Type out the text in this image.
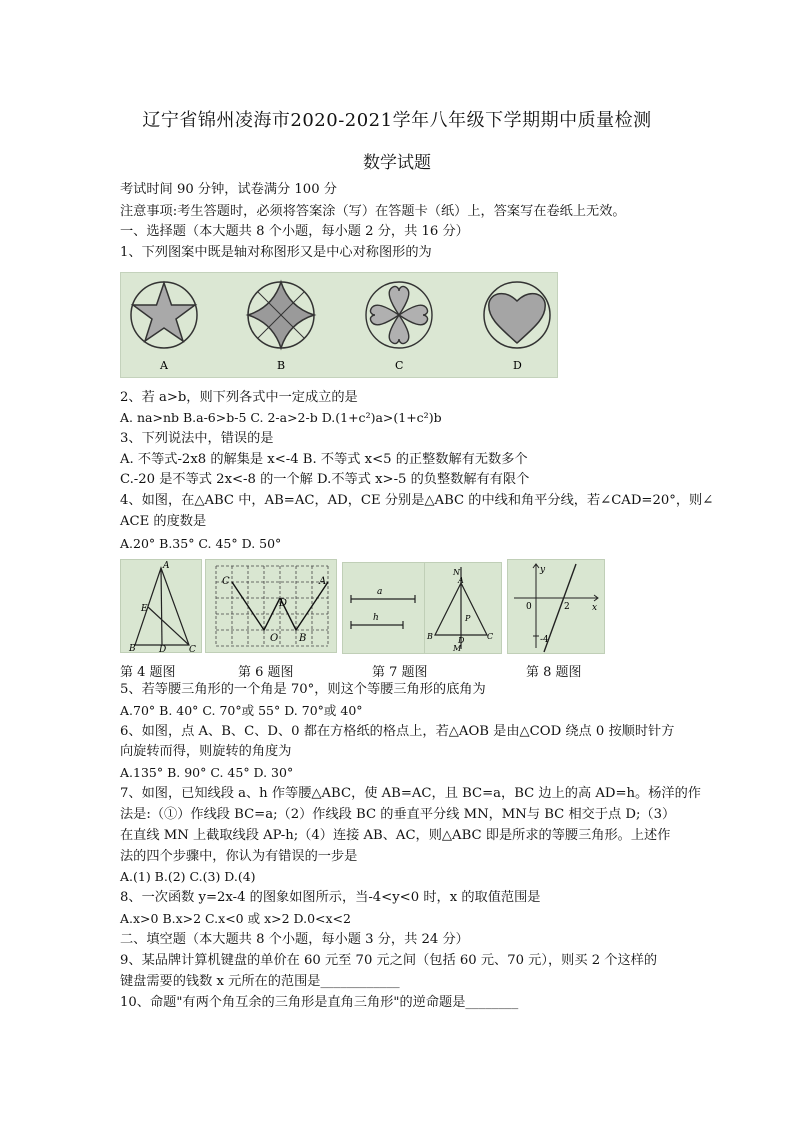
辽宁省锦州凌海市2020-2021学年八年级下学期期中质量检测
数学试题
考试时间 90 分钟，试卷满分 100 分
注意事项:考生答题时，必须将答案涂（写）在答题卡（纸）上，答案写在卷纸上无效。
一、选择题（本大题共 8 个小题，每小题 2 分，共 16 分）
1、下列图案中既是轴对称图形又是中心对称图形的为
A	B	C	D
2、若 a>b，则下列各式中一定成立的是
A. na>nb B.a-6>b-5 C. 2-a>2-b D.(1+c²)a>(1+c²)b
3、下列说法中，错误的是
A. 不等式-2x8 的解集是 x<-4 B. 不等式 x<5 的正整数解有无数多个
C.-20 是不等式 2x<-8 的一个解 D.不等式 x>-5 的负整数解有有限个
4、如图，在△ABC 中，AB=AC，AD，CE 分别是△ABC 的中线和角平分线，若∠CAD=20°，则∠
ACE 的度数是
A.20° B.35° C. 45° D. 50°
A
E
B	D	C
C	A
D
O B
a
h
N
A
P
B	D	C
M
y
x
0	2
-4
第 4 题图	第 6 题图	第 7 题图	第 8 题图
5、若等腰三角形的一个角是 70°，则这个等腰三角形的底角为
A.70° B. 40° C. 70°或 55° D. 70°或 40°
6、如图，点 A、B、C、D、0 都在方格纸的格点上，若△AOB 是由△COD 绕点 0 按顺时针方
向旋转而得，则旋转的角度为
A.135° B. 90° C. 45° D. 30°
7、如图，已知线段 a、h 作等腰△ABC，使 AB=AC，且 BC=a，BC 边上的高 AD=h。杨洋的作
法是:（①）作线段 BC=a;（2）作线段 BC 的垂直平分线 MN，MN与 BC 相交于点 D;（3）
在直线 MN 上截取线段 AP-h;（4）连接 AB、AC，则△ABC 即是所求的等腰三角形。上述作
法的四个步骤中，你认为有错误的一步是
A.(1) B.(2) C.(3) D.(4)
8、一次函数 y=2x-4 的图象如图所示，当-4<y<0 时，x 的取值范围是
A.x>0 B.x>2 C.x<0 或 x>2 D.0<x<2
二、填空题（本大题共 8 个小题，每小题 3 分，共 24 分）
9、某品牌计算机键盘的单价在 60 元至 70 元之间（包括 60 元、70 元），则买 2 个这样的
键盘需要的钱数 x 元所在的范围是____________
10、命题"有两个角互余的三角形是直角三角形"的逆命题是________
